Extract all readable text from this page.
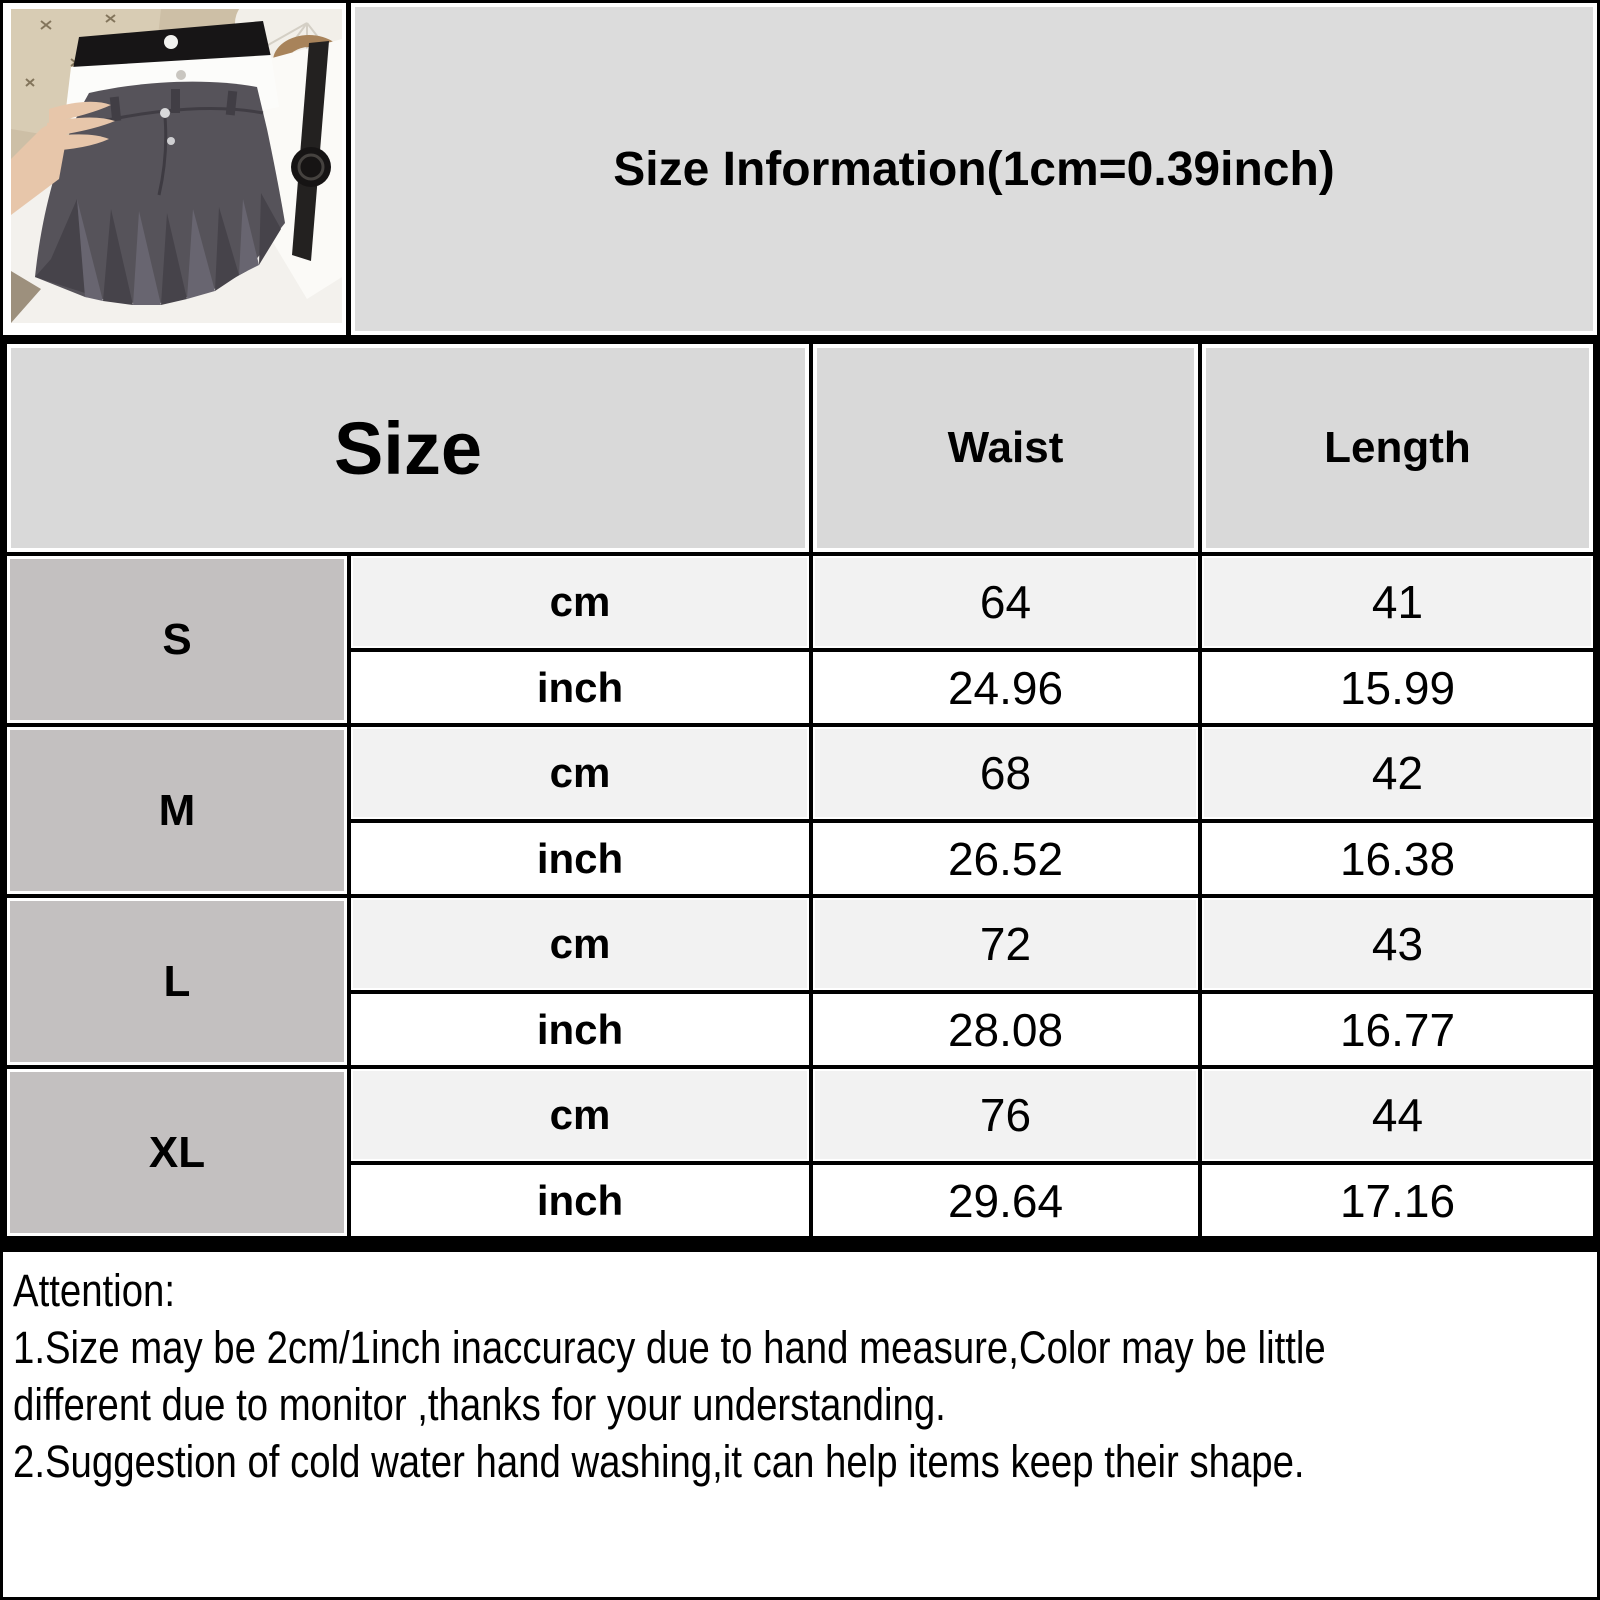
Size Information(1cm=0.39inch)
Size	Waist	Length
S
cm	64	41
inch	24.96	15.99
M
cm	68	42
inch	26.52	16.38
L
cm	72	43
inch	28.08	16.77
XL
cm	76	44
inch	29.64	17.16
Attention:
1.Size may be 2cm/1inch inaccuracy due to hand measure,Color may be little
different due to monitor ,thanks for your understanding.
2.Suggestion of cold water hand washing,it can help items keep their shape.
